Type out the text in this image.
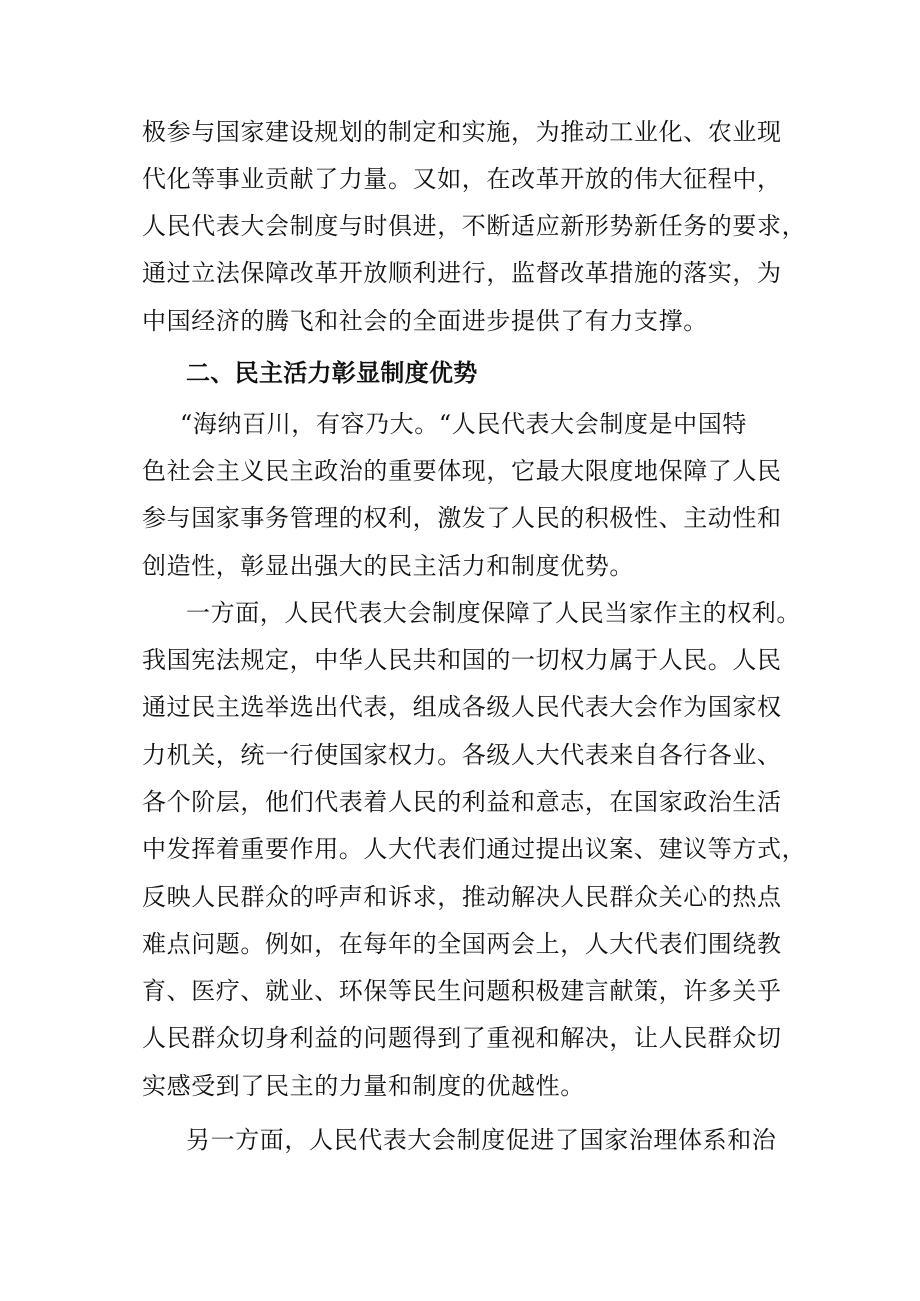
极参与国家建设规划的制定和实施，为推动工业化、农业现
代化等事业贡献了力量。又如，在改革开放的伟大征程中，
人民代表大会制度与时俱进，不断适应新形势新任务的要求，
通过立法保障改革开放顺利进行，监督改革措施的落实，为
中国经济的腾飞和社会的全面进步提供了有力支撑。
二、民主活力彰显制度优势
“海纳百川，有容乃大。“人民代表大会制度是中国特
色社会主义民主政治的重要体现，它最大限度地保障了人民
参与国家事务管理的权利，激发了人民的积极性、主动性和
创造性，彰显出强大的民主活力和制度优势。
一方面，人民代表大会制度保障了人民当家作主的权利。
我国宪法规定，中华人民共和国的一切权力属于人民。人民
通过民主选举选出代表，组成各级人民代表大会作为国家权
力机关，统一行使国家权力。各级人大代表来自各行各业、
各个阶层，他们代表着人民的利益和意志，在国家政治生活
中发挥着重要作用。人大代表们通过提出议案、建议等方式，
反映人民群众的呼声和诉求，推动解决人民群众关心的热点
难点问题。例如，在每年的全国两会上，人大代表们围绕教
育、医疗、就业、环保等民生问题积极建言献策，许多关乎
人民群众切身利益的问题得到了重视和解决，让人民群众切
实感受到了民主的力量和制度的优越性。
另一方面，人民代表大会制度促进了国家治理体系和治
